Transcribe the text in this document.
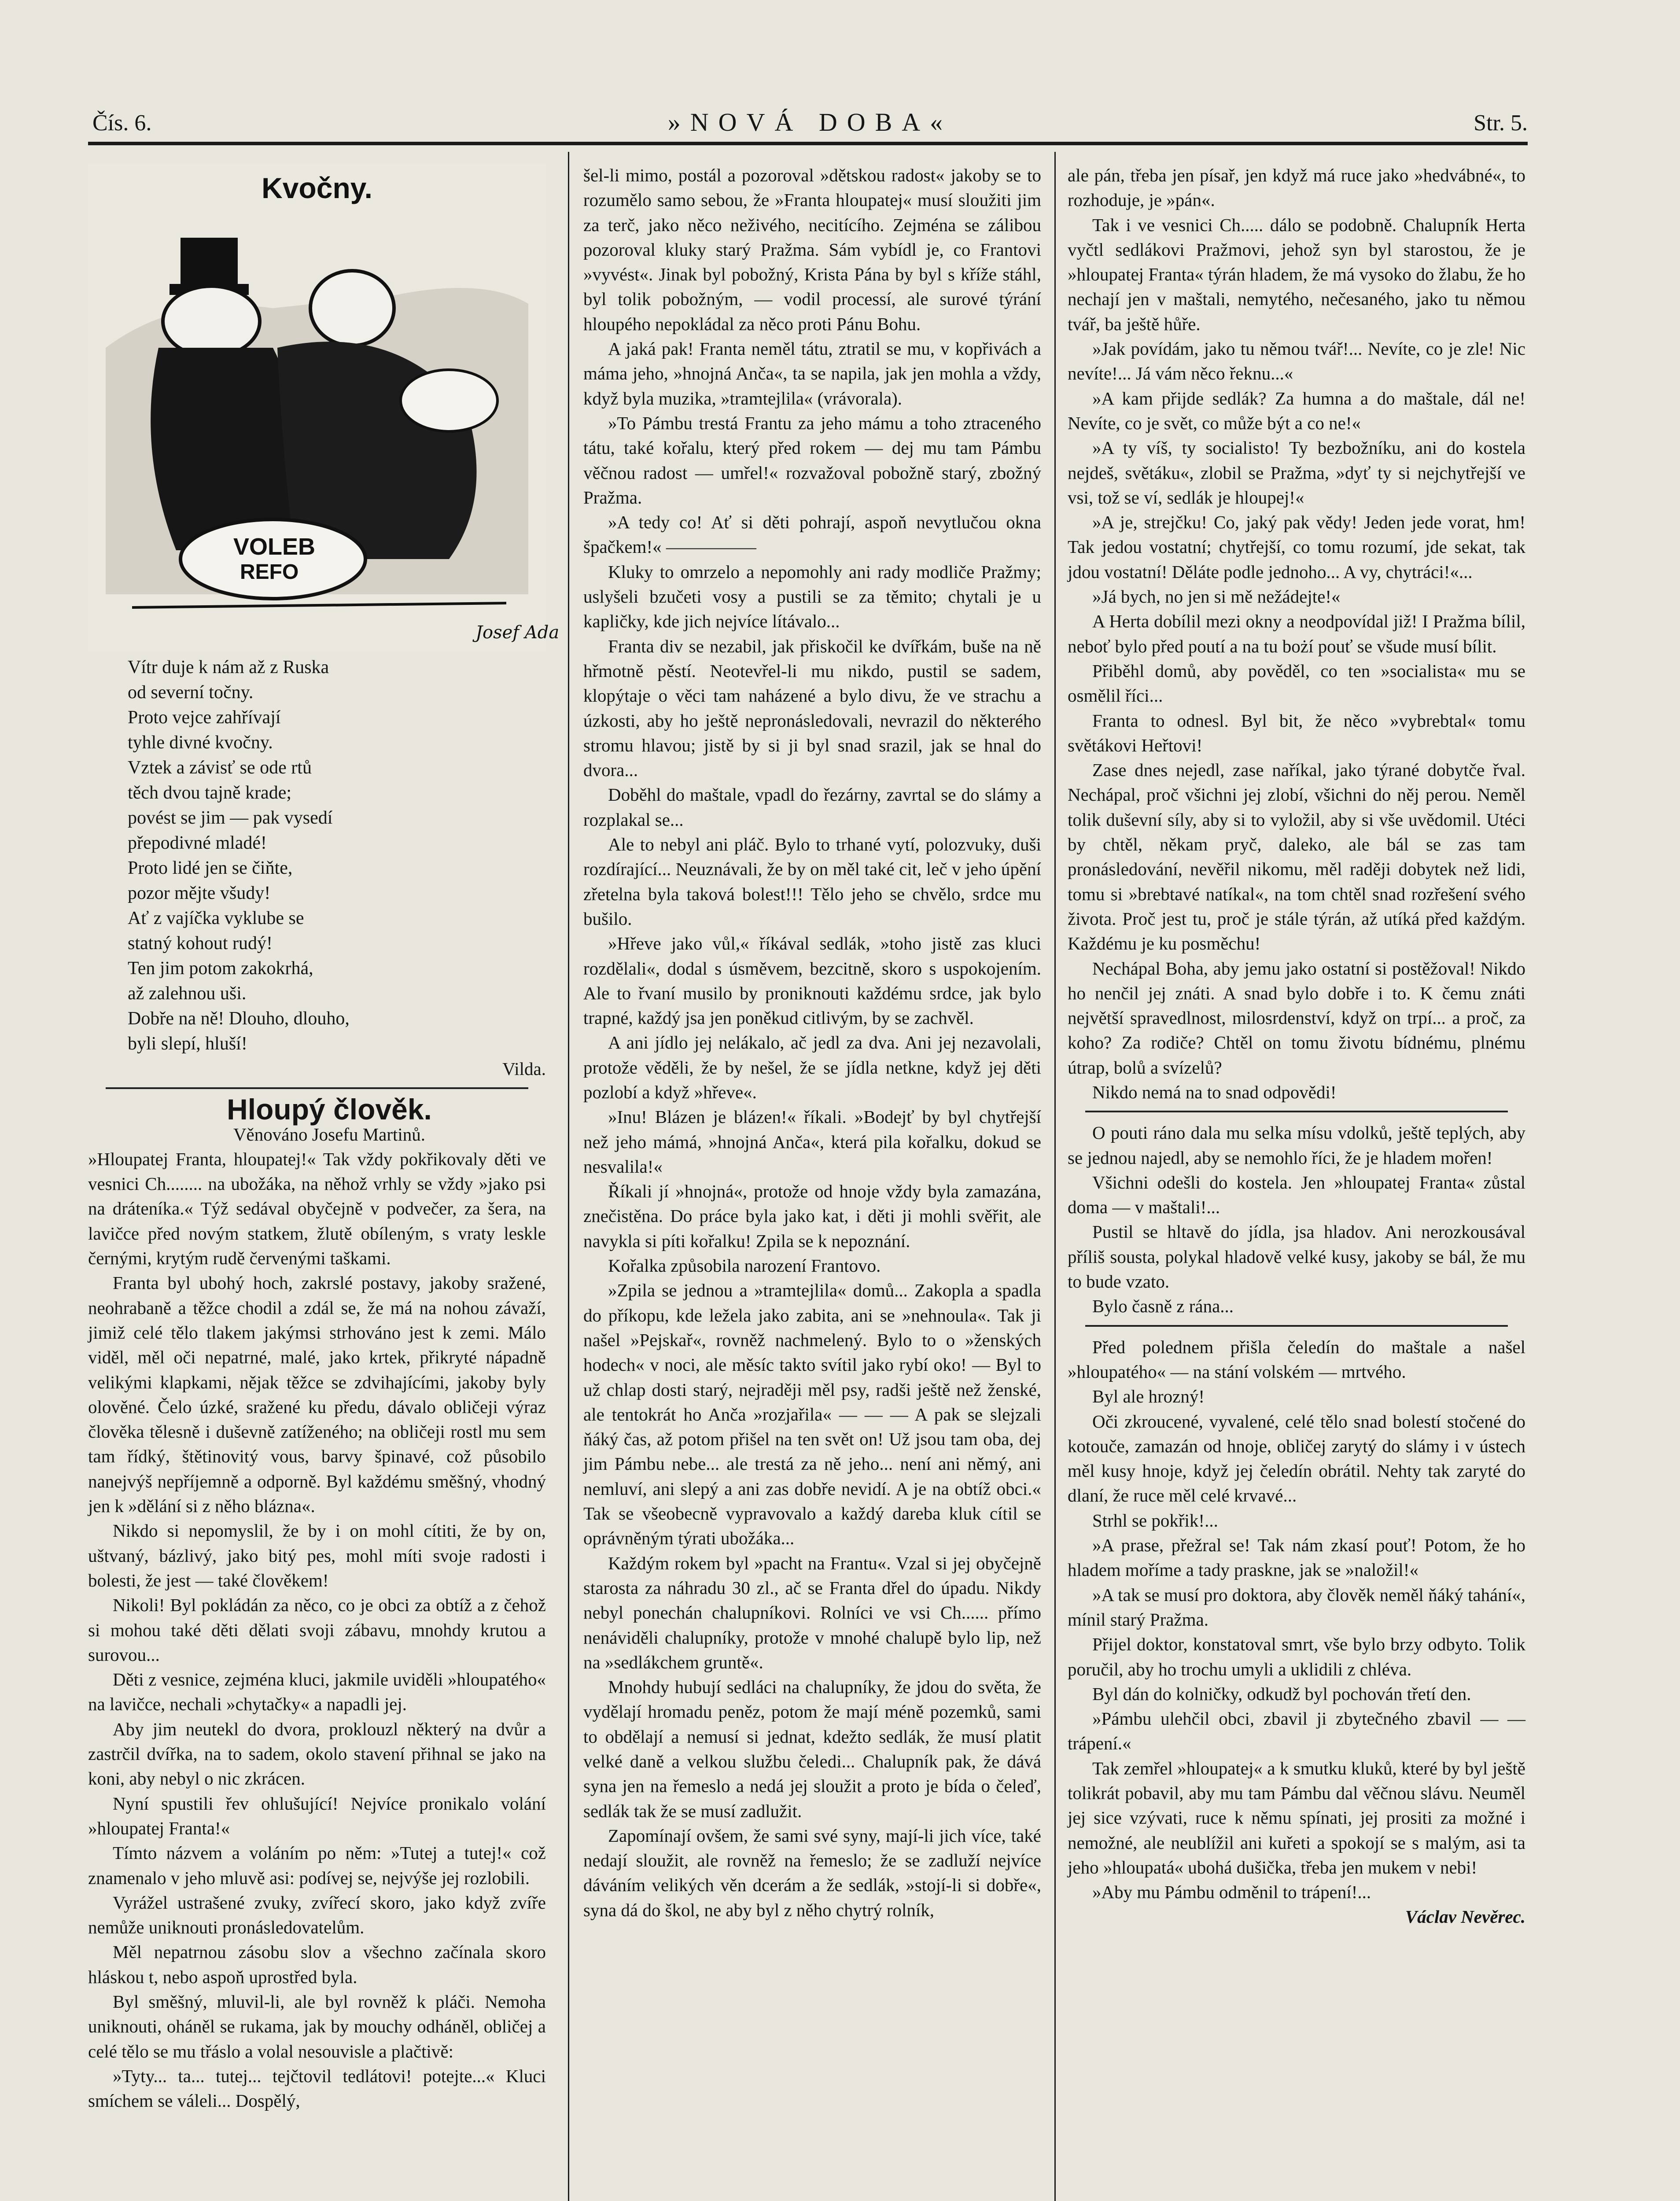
Čís. 6.	»NOVÁ DOBA«	Str. 5.
Kvočny.
VOLEB
REFO
Josef Ada
Vítr duje k nám až z Ruska
od severní točny.
Proto vejce zahřívají
tyhle divné kvočny.
Vztek a závisť se ode rtů
těch dvou tajně krade;
povést se jim — pak vysedí
přepodivné mladé!
Proto lidé jen se čiňte,
pozor mějte všudy!
Ať z vajíčka vyklube se
statný kohout rudý!
Ten jim potom zakokrhá,
až zalehnou uši.
Dobře na ně! Dlouho, dlouho,
byli slepí, hluší!

Vilda.

Hloupý člověk.

Věnováno Josefu Martinů.

»Hloupatej Franta, hloupatej!« Tak vždy pokřikovaly děti ve vesnici Ch........ na ubožáka, na něhož vrhly se vždy »jako psi na dráteníka.« Týž sedával obyčejně v podvečer, za šera, na lavičce před novým statkem, žlutě obíleným, s vraty leskle černými, krytým rudě červenými taškami.

Franta byl ubohý hoch, zakrslé postavy, jakoby sražené, neohrabaně a těžce chodil a zdál se, že má na nohou závaží, jimiž celé tělo tlakem jakýmsi strhováno jest k zemi. Málo viděl, měl oči nepatrné, malé, jako krtek, přikryté nápadně velikými klapkami, nějak těžce se zdvihajícími, jakoby byly olověné. Čelo úzké, sražené ku předu, dávalo obličeji výraz člověka tělesně i duševně zatíženého; na obličeji rostl mu sem tam řídký, štětinovitý vous, barvy špinavé, což působilo nanejvýš nepříjemně a odporně. Byl každému směšný, vhodný jen k »dělání si z něho blázna«.

Nikdo si nepomyslil, že by i on mohl cítiti, že by on, uštvaný, bázlivý, jako bitý pes, mohl míti svoje radosti i bolesti, že jest — také člověkem!

Nikoli! Byl pokládán za něco, co je obci za obtíž a z čehož si mohou také děti dělati svoji zábavu, mnohdy krutou a surovou...

Děti z vesnice, zejména kluci, jakmile uviděli »hloupatého« na lavičce, nechali »chytačky« a napadli jej.

Aby jim neutekl do dvora, proklouzl některý na dvůr a zastrčil dvířka, na to sadem, okolo stavení přihnal se jako na koni, aby nebyl o nic zkrácen.

Nyní spustili řev ohlušující! Nejvíce pronikalo volání »hloupatej Franta!«

Tímto názvem a voláním po něm: »Tutej a tutej!« což znamenalo v jeho mluvě asi: podívej se, nejvýše jej rozlobili.

Vyrážel ustrašené zvuky, zvířecí skoro, jako když zvíře nemůže uniknouti pronásledovatelům.

Měl nepatrnou zásobu slov a všechno začínala skoro hláskou t, nebo aspoň uprostřed byla.

Byl směšný, mluvil-li, ale byl rovněž k pláči. Nemoha uniknouti, oháněl se rukama, jak by mouchy odháněl, obličej a celé tělo se mu třáslo a volal nesouvisle a plačtivě:

»Tyty... ta... tutej... tejčtovil tedlátovi! potejte...« Kluci smíchem se váleli... Dospělý,

šel-li mimo, postál a pozoroval »dětskou radost« jakoby se to rozumělo samo sebou, že »Franta hloupatej« musí sloužiti jim za terč, jako něco neživého, necitícího. Zejména se zálibou pozoroval kluky starý Pražma. Sám vybídl je, co Frantovi »vyvést«. Jinak byl pobožný, Krista Pána by byl s kříže stáhl, byl tolik pobožným, — vodil processí, ale surové týrání hloupého nepokládal za něco proti Pánu Bohu.

A jaká pak! Franta neměl tátu, ztratil se mu, v kopřivách a máma jeho, »hnojná Anča«, ta se napila, jak jen mohla a vždy, když byla muzika, »tramtejlila« (vrávorala).

»To Pámbu trestá Frantu za jeho mámu a toho ztraceného tátu, také kořalu, který před rokem — dej mu tam Pámbu věčnou radost — umřel!« rozvažoval pobožně starý, zbožný Pražma.

»A tedy co! Ať si děti pohrají, aspoň nevytlučou okna špačkem!« —————

Kluky to omrzelo a nepomohly ani rady modliče Pražmy; uslyšeli bzučeti vosy a pustili se za těmito; chytali je u kapličky, kde jich nejvíce lítávalo...

Franta div se nezabil, jak přiskočil ke dvířkám, buše na ně hřmotně pěstí. Neotevřel-li mu nikdo, pustil se sadem, klopýtaje o věci tam naházené a bylo divu, že ve strachu a úzkosti, aby ho ještě nepronásledovali, nevrazil do některého stromu hlavou; jistě by si ji byl snad srazil, jak se hnal do dvora...

Doběhl do maštale, vpadl do řezárny, zavrtal se do slámy a rozplakal se...

Ale to nebyl ani pláč. Bylo to trhané vytí, polozvuky, duši rozdírající... Neuznávali, že by on měl také cit, leč v jeho úpění zřetelna byla taková bolest!!! Tělo jeho se chvělo, srdce mu bušilo.

»Hřeve jako vůl,« říkával sedlák, »toho jistě zas kluci rozdělali«, dodal s úsměvem, bezcitně, skoro s uspokojením. Ale to řvaní musilo by proniknouti každému srdce, jak bylo trapné, každý jsa jen poněkud citlivým, by se zachvěl.

A ani jídlo jej nelákalo, ač jedl za dva. Ani jej nezavolali, protože věděli, že by nešel, že se jídla netkne, když jej děti pozlobí a když »hřeve«.

»Inu! Blázen je blázen!« říkali. »Bodejť by byl chytřejší než jeho mámá, »hnojná Anča«, která pila kořalku, dokud se nesvalila!«

Říkali jí »hnojná«, protože od hnoje vždy byla zamazána, znečistěna. Do práce byla jako kat, i děti ji mohli svěřit, ale navykla si píti kořalku! Zpila se k nepoznání.

Kořalka způsobila narození Frantovo.

»Zpila se jednou a »tramtejlila« domů... Zakopla a spadla do příkopu, kde ležela jako zabita, ani se »nehnoula«. Tak ji našel »Pejskař«, rovněž nachmelený. Bylo to o »ženských hodech« v noci, ale měsíc takto svítil jako rybí oko! — Byl to už chlap dosti starý, nejraději měl psy, radši ještě než ženské, ale tentokrát ho Anča »rozjařila« — — — A pak se slejzali ňáký čas, až potom přišel na ten svět on! Už jsou tam oba, dej jim Pámbu nebe... ale trestá za ně jeho... není ani němý, ani nemluví, ani slepý a ani zas dobře nevidí. A je na obtíž obci.« Tak se všeobecně vypravovalo a každý dareba kluk cítil se oprávněným týrati ubožáka...

Každým rokem byl »pacht na Frantu«. Vzal si jej obyčejně starosta za náhradu 30 zl., ač se Franta dřel do úpadu. Nikdy nebyl ponechán chalupníkovi. Rolníci ve vsi Ch...... přímo nenáviděli chalupníky, protože v mnohé chalupě bylo lip, než na »sedlákchem gruntě«.

Mnohdy hubují sedláci na chalupníky, že jdou do světa, že vydělají hromadu peněz, potom že mají méně pozemků, sami to obdělají a nemusí si jednat, kdežto sedlák, že musí platit velké daně a velkou službu čeledi... Chalupník pak, že dává syna jen na řemeslo a nedá jej sloužit a proto je bída o čeleď, sedlák tak že se musí zadlužit.

Zapomínají ovšem, že sami své syny, mají-li jich více, také nedají sloužit, ale rovněž na řemeslo; že se zadluží nejvíce dáváním velikých věn dcerám a že sedlák, »stojí-li si dobře«, syna dá do škol, ne aby byl z něho chytrý rolník,

ale pán, třeba jen písař, jen když má ruce jako »hedvábné«, to rozhoduje, je »pán«.

Tak i ve vesnici Ch..... dálo se podobně. Chalupník Herta vyčtl sedlákovi Pražmovi, jehož syn byl starostou, že je »hloupatej Franta« týrán hladem, že má vysoko do žlabu, že ho nechají jen v maštali, nemytého, nečesaného, jako tu němou tvář, ba ještě hůře.

»Jak povídám, jako tu němou tvář!... Nevíte, co je zle! Nic nevíte!... Já vám něco řeknu...«

»A kam přijde sedlák? Za humna a do maštale, dál ne! Nevíte, co je svět, co může být a co ne!«

»A ty víš, ty socialisto! Ty bezbožníku, ani do kostela nejdeš, světáku«, zlobil se Pražma, »dyť ty si nejchytřejší ve vsi, tož se ví, sedlák je hloupej!«

»A je, strejčku! Co, jaký pak vědy! Jeden jede vorat, hm! Tak jedou vostatní; chytřejší, co tomu rozumí, jde sekat, tak jdou vostatní! Děláte podle jednoho... A vy, chytráci!«...

»Já bych, no jen si mě nežádejte!«

A Herta dobílil mezi okny a neodpovídal již! I Pražma bílil, neboť bylo před poutí a na tu bożí pouť se všude musí bílit.

Přiběhl domů, aby pověděl, co ten »socialista« mu se osmělil říci...

Franta to odnesl. Byl bit, že něco »vybrebtal« tomu světákovi Heřtovi!

Zase dnes nejedl, zase naříkal, jako týrané dobytče řval. Nechápal, proč všichni jej zlobí, všichni do něj perou. Neměl tolik duševní síly, aby si to vyložil, aby si vše uvědomil. Utéci by chtěl, někam pryč, daleko, ale bál se zas tam pronásledování, nevěřil nikomu, měl raději dobytek než lidi, tomu si »brebtavé natíkal«, na tom chtěl snad rozřešení svého života. Proč jest tu, proč je stále týrán, až utíká před každým. Každému je ku posměchu!

Nechápal Boha, aby jemu jako ostatní si postěžoval! Nikdo ho nenčil jej znáti. A snad bylo dobře i to. K čemu znáti největší spravedlnost, milosrdenství, když on trpí... a proč, za koho? Za rodiče? Chtěl on tomu životu bídnému, plnému útrap, bolů a svízelů?

Nikdo nemá na to snad odpovědi!

O pouti ráno dala mu selka mísu vdolků, ještě teplých, aby se jednou najedl, aby se nemohlo říci, že je hladem mořen!

Všichni odešli do kostela. Jen »hloupatej Franta« zůstal doma — v maštali!...

Pustil se hltavě do jídla, jsa hladov. Ani nerozkousával příliš sousta, polykal hladově velké kusy, jakoby se bál, že mu to bude vzato.

Bylo časně z rána...

Před polednem přišla čeledín do maštale a našel »hloupatého« — na stání volském — mrtvého.

Byl ale hrozný!

Oči zkroucené, vyvalené, celé tělo snad bolestí stočené do kotouče, zamazán od hnoje, obličej zarytý do slámy i v ústech měl kusy hnoje, když jej čeledín obrátil. Nehty tak zaryté do dlaní, že ruce měl celé krvavé...

Strhl se pokřik!...

»A prase, přežral se! Tak nám zkasí pouť! Potom, že ho hladem moříme a tady praskne, jak se »naložil!«

»A tak se musí pro doktora, aby člověk neměl ňáký tahání«, mínil starý Pražma.

Přijel doktor, konstatoval smrt, vše bylo brzy odbyto. Tolik poručil, aby ho trochu umyli a uklidili z chléva.

Byl dán do kolničky, odkudž byl pochován třetí den.

»Pámbu ulehčil obci, zbavil ji zbytečného zbavil — — trápení.«

Tak zemřel »hloupatej« a k smutku kluků, které by byl ještě tolikrát pobavil, aby mu tam Pámbu dal věčnou slávu. Neuměl jej sice vzývati, ruce k němu spínati, jej prositi za možné i nemožné, ale neublížil ani kuřeti a spokojí se s malým, asi ta jeho »hloupatá« ubohá dušička, třeba jen mukem v nebi!

»Aby mu Pámbu odměnil to trápení!...

Václav Nevěrec.
